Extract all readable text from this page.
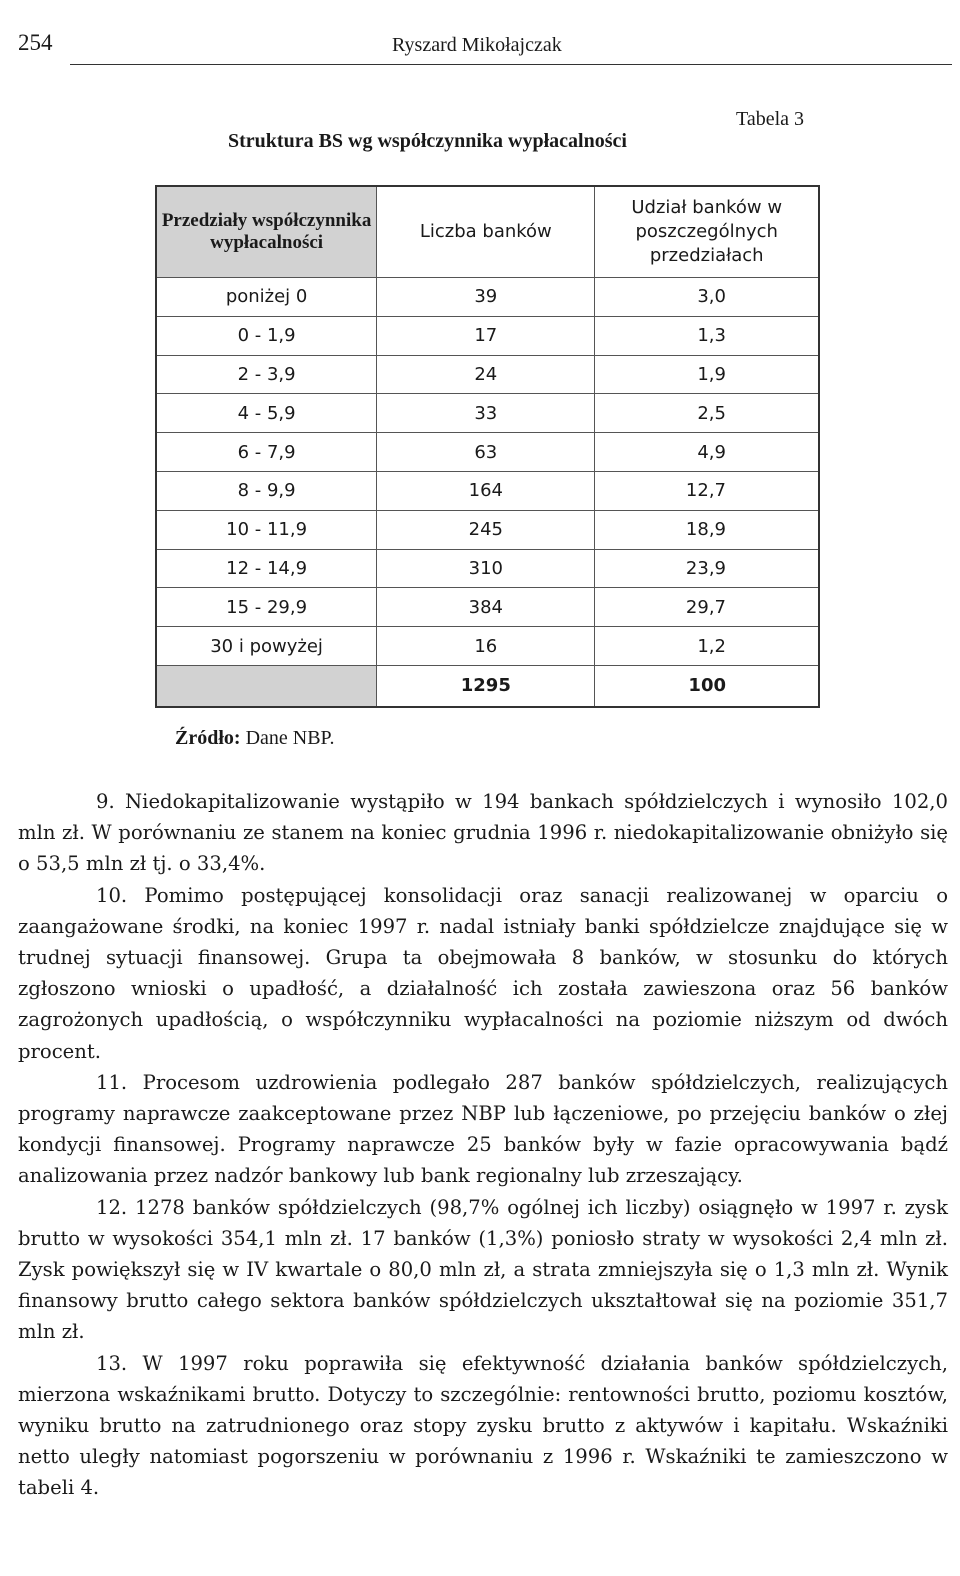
254	Ryszard Mikołajczak
Tabela 3
Struktura BS wg współczynnika wypłacalności
Przedziały współczynnika wypłacalności	Liczba banków	Udział banków w poszczególnych przedziałach
poniżej 0	39	3,0
0 - 1,9	17	1,3
2 - 3,9	24	1,9
4 - 5,9	33	2,5
6 - 7,9	63	4,9
8 - 9,9	164	12,7
10 - 11,9	245	18,9
12 - 14,9	310	23,9
15 - 29,9	384	29,7
30 i powyżej	16	1,2
	1295	100
Źródło: Dane NBP.

9. Niedokapitalizowanie wystąpiło w 194 bankach spółdzielczych i wynosiło 102,0 mln zł. W porównaniu ze stanem na koniec grudnia 1996 r. niedokapitalizowanie obniżyło się o 53,5 mln zł tj. o 33,4%.

10. Pomimo postępującej konsolidacji oraz sanacji realizowanej w oparciu o zaangażowane środki, na koniec 1997 r. nadal istniały banki spółdzielcze znajdujące się w trudnej sytuacji finansowej. Grupa ta obejmowała 8 banków, w stosunku do których zgłoszono wnioski o upadłość, a działalność ich została zawieszona oraz 56 banków zagrożonych upadłością, o współczynniku wypłacalności na poziomie niższym od dwóch procent.

11. Procesom uzdrowienia podlegało 287 banków spółdzielczych, realizujących programy naprawcze zaakceptowane przez NBP lub łączeniowe, po przejęciu banków o złej kondycji finansowej. Programy naprawcze 25 banków były w fazie opracowywania bądź analizowania przez nadzór bankowy lub bank regionalny lub zrzeszający.

12. 1278 banków spółdzielczych (98,7% ogólnej ich liczby) osiągnęło w 1997 r. zysk brutto w wysokości 354,1 mln zł. 17 banków (1,3%) poniosło straty w wysokości 2,4 mln zł. Zysk powiększył się w IV kwartale o 80,0 mln zł, a strata zmniejszyła się o 1,3 mln zł. Wynik finansowy brutto całego sektora banków spółdzielczych ukształtował się na poziomie 351,7 mln zł.

13. W 1997 roku poprawiła się efektywność działania banków spółdzielczych, mierzona wskaźnikami brutto. Dotyczy to szczególnie: rentowności brutto, poziomu kosztów, wyniku brutto na zatrudnionego oraz stopy zysku brutto z aktywów i kapitału. Wskaźniki netto uległy natomiast pogorszeniu w porównaniu z 1996 r. Wskaźniki te zamieszczono w tabeli 4.
